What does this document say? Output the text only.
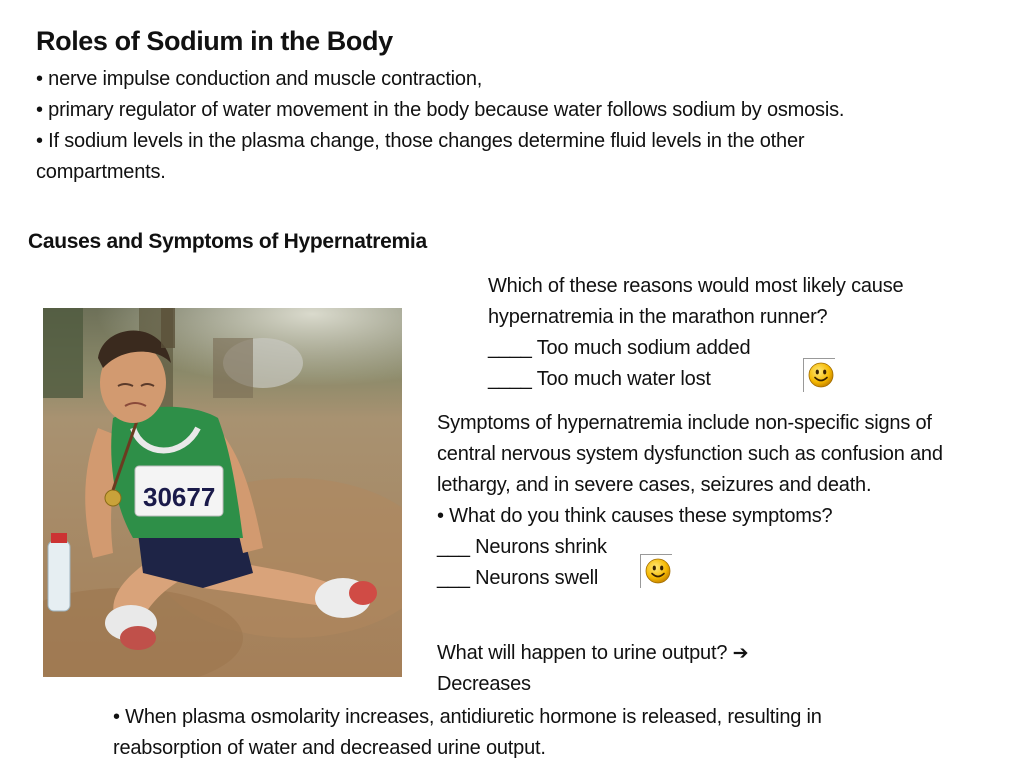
Roles of Sodium in the Body
• nerve impulse conduction and muscle contraction,
• primary regulator of water movement in the body because water follows sodium by osmosis.
• If sodium levels in the plasma change, those changes determine fluid levels in the other
compartments.
Causes and Symptoms of Hypernatremia
Which of these reasons would most likely cause
hypernatremia in the marathon runner?
____ Too much sodium added
____ Too much water lost
Symptoms of hypernatremia include non-specific signs of
central nervous system dysfunction such as confusion and
lethargy, and in severe cases, seizures and death.
• What do you think causes these symptoms?
___ Neurons shrink
___ Neurons swell
What will happen to urine output? ➔
Decreases
• When plasma osmolarity increases, antidiuretic hormone is released, resulting in
reabsorption of water and decreased urine output.
30677
